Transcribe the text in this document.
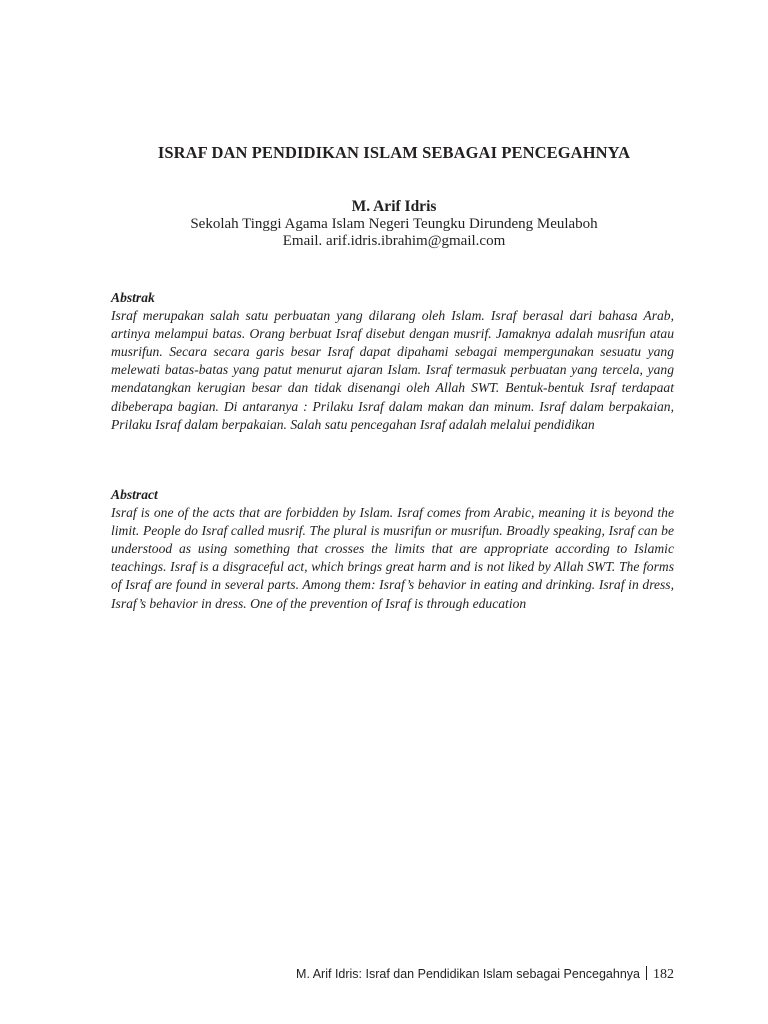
ISRAF DAN PENDIDIKAN ISLAM SEBAGAI PENCEGAHNYA
M. Arif Idris
Sekolah Tinggi Agama Islam Negeri Teungku Dirundeng Meulaboh
Email. arif.idris.ibrahim@gmail.com
Abstrak

Israf merupakan salah satu perbuatan yang dilarang oleh Islam. Israf berasal dari bahasa Arab, artinya melampui batas. Orang berbuat Israf disebut dengan musrif. Jamaknya adalah musrifun atau musrifun. Secara secara garis besar Israf dapat dipahami sebagai mempergunakan sesuatu yang melewati batas-batas yang patut menurut ajaran Islam. Israf termasuk perbuatan yang tercela, yang mendatangkan kerugian besar dan tidak disenangi oleh Allah SWT. Bentuk-bentuk Israf terdapaat dibeberapa bagian. Di antaranya : Prilaku Israf dalam makan dan minum. Israf dalam berpakaian, Prilaku Israf dalam berpakaian. Salah satu pencegahan Israf adalah melalui pendidikan

Abstract

Israf is one of the acts that are forbidden by Islam. Israf comes from Arabic, meaning it is beyond the limit. People do Israf called musrif. The plural is musrifun or musrifun. Broadly speaking, Israf can be understood as using something that crosses the limits that are appropriate according to Islamic teachings. Israf is a disgraceful act, which brings great harm and is not liked by Allah SWT. The forms of Israf are found in several parts. Among them: Israf’s behavior in eating and drinking. Israf in dress, Israf’s behavior in dress. One of the prevention of Israf is through education

M. Arif Idris: Israf dan Pendidikan Islam sebagai Pencegahnya 182
